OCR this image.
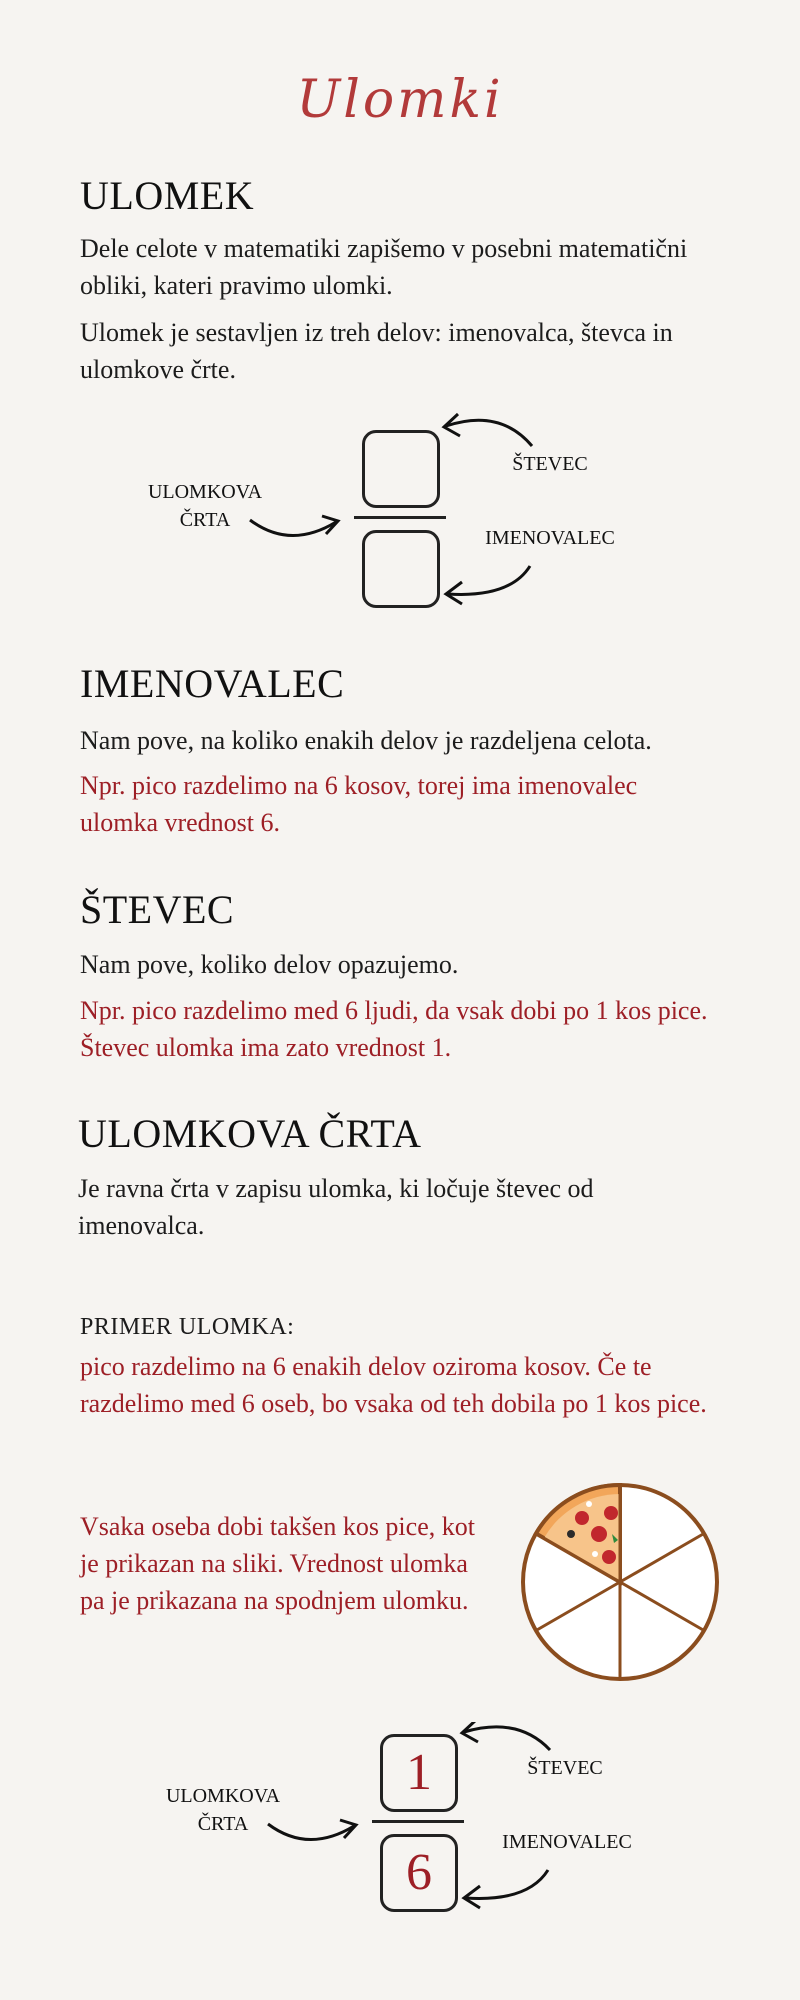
Ulomki
ULOMEK

Dele celote v matematiki zapišemo v posebni matematični obliki, kateri pravimo ulomki.

Ulomek je sestavljen iz treh delov: imenovalca, števca in ulomkove črte.

ULOMKOVA
ČRTA
ŠTEVEC
IMENOVALEC
IMENOVALEC

Nam pove, na koliko enakih delov je razdeljena celota.

Npr. pico razdelimo na 6 kosov, torej ima imenovalec ulomka vrednost 6.

ŠTEVEC

Nam pove, koliko delov opazujemo.

Npr. pico razdelimo med 6 ljudi, da vsak dobi po 1 kos pice. Števec ulomka ima zato vrednost 1.

ULOMKOVA ČRTA

Je ravna črta v zapisu ulomka, ki ločuje števec od imenovalca.

PRIMER ULOMKA:

pico razdelimo na 6 enakih delov oziroma kosov. Če te razdelimo med 6 oseb, bo vsaka od teh dobila po 1 kos pice.

Vsaka oseba dobi takšen kos pice, kot je prikazan na sliki. Vrednost ulomka pa je prikazana na spodnjem ulomku.

ULOMKOVA
ČRTA
1
6
ŠTEVEC
IMENOVALEC
